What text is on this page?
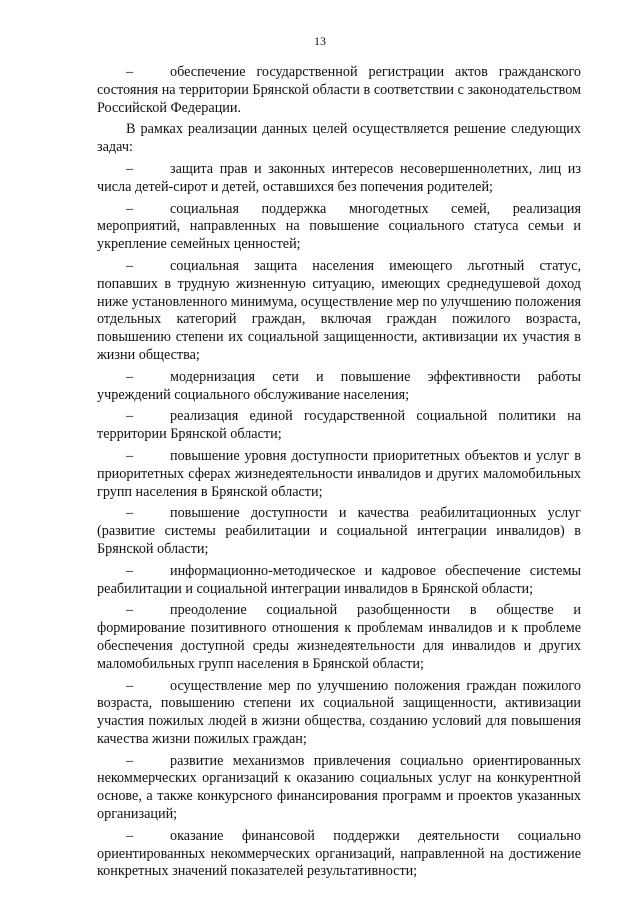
13

–	обеспечение государственной регистрации актов гражданского состояния на территории Брянской области в соответствии с законодательством Российской Федерации.

В рамках реализации данных целей осуществляется решение следующих задач:

–	защита прав и законных интересов несовершеннолетних, лиц из числа детей-сирот и детей, оставшихся без попечения родителей;

–	социальная поддержка многодетных семей, реализация мероприятий, направленных на повышение социального статуса семьи и укрепление семейных ценностей;

–	социальная защита населения имеющего льготный статус, попавших в трудную жизненную ситуацию, имеющих среднедушевой доход ниже установленного минимума, осуществление мер по улучшению положения отдельных категорий граждан, включая граждан пожилого возраста, повышению степени их социальной защищенности, активизации их участия в жизни общества;

–	модернизация сети и повышение эффективности работы учреждений социального обслуживание населения;

–	реализация единой государственной социальной политики на территории Брянской области;

–	повышение уровня доступности приоритетных объектов и услуг в приоритетных сферах жизнедеятельности инвалидов и других маломобильных групп населения в Брянской области;

–	повышение доступности и качества реабилитационных услуг (развитие системы реабилитации и социальной интеграции инвалидов) в Брянской области;

–	информационно-методическое и кадровое обеспечение системы реабилитации и социальной интеграции инвалидов в Брянской области;

–	преодоление социальной разобщенности в обществе и формирование позитивного отношения к проблемам инвалидов и к проблеме обеспечения доступной среды жизнедеятельности для инвалидов и других маломобильных групп населения в Брянской области;

–	осуществление мер по улучшению положения граждан пожилого возраста, повышению степени их социальной защищенности, активизации участия пожилых людей в жизни общества, созданию условий для повышения качества жизни пожилых граждан;

–	развитие механизмов привлечения социально ориентированных некоммерческих организаций к оказанию социальных услуг на конкурентной основе, а также конкурсного финансирования программ и проектов указанных организаций;

–	оказание финансовой поддержки деятельности социально ориентированных некоммерческих организаций, направленной на достижение конкретных значений показателей результативности;
